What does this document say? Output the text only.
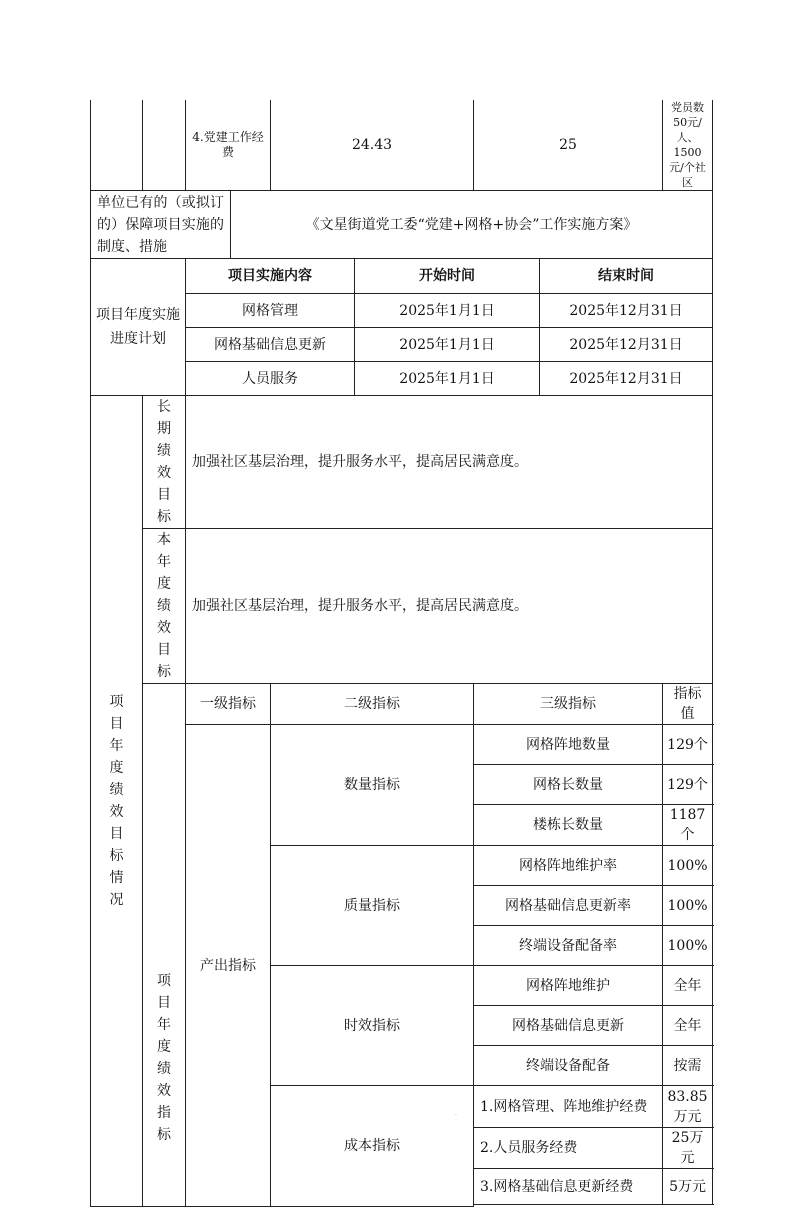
		4.党建工作经费		24.43		25		党员数50元/人、1500元/个社区
单位已有的（或拟订的）保障项目实施的制度、措施			《文星街道党工委“党建+网格+协会”工作实施方案》					
项目年度实施进度计划		项目实施内容			开始时间		结束时间	
		网格管理			2025年1月1日		2025年12月31日	
		网格基础信息更新			2025年1月1日		2025年12月31日	
		人员服务			2025年1月1日		2025年12月31日	
项目年度绩效目标情况	长期绩效目标	加强社区基层治理，提升服务水平，提高居民满意度。						
	本年度绩效目标	加强社区基层治理，提升服务水平，提高居民满意度。						
	项目年度绩效指标	一级指标		二级指标		三级指标		指标值
		产出指标		数量指标		网格阵地数量		129个
						网格长数量		129个
						楼栋长数量		1187个
				质量指标		网格阵地维护率		100%
						网格基础信息更新率		100%
						终端设备配备率		100%
				时效指标		网格阵地维护		全年
						网格基础信息更新		全年
						终端设备配备		按需
				成本指标		1.网格管理、阵地维护经费		83.85万元
						2.人员服务经费		25万元
						3.网格基础信息更新经费		5万元

·
